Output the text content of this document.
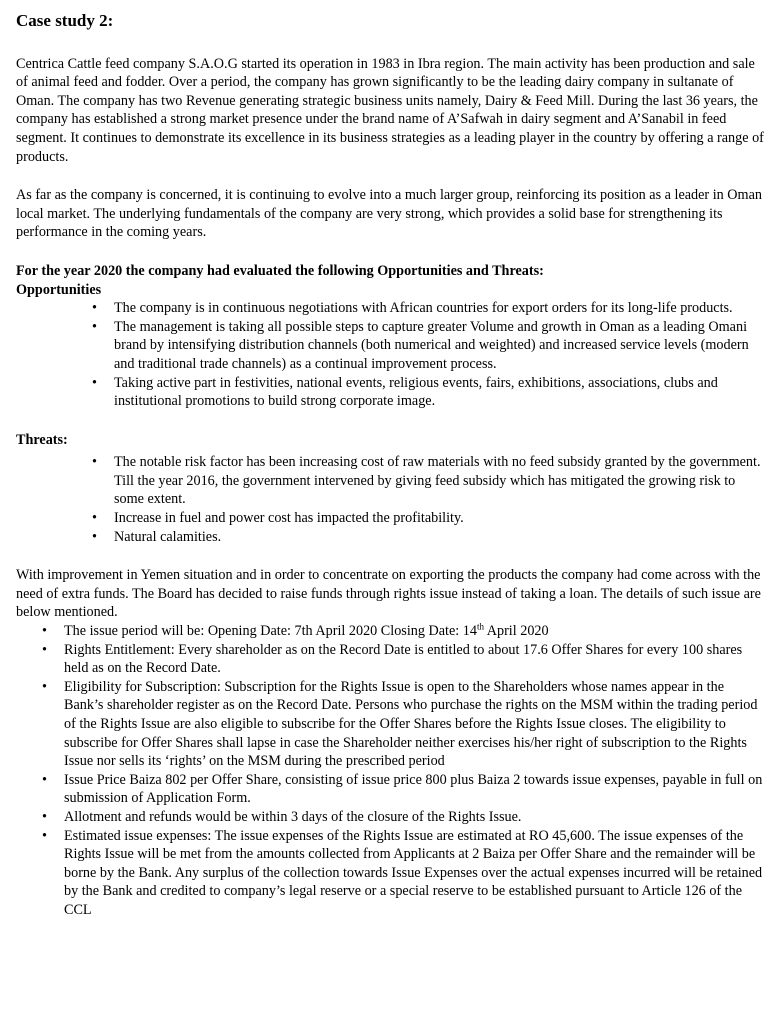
Case study 2:

Centrica Cattle feed company S.A.O.G started its operation in 1983 in Ibra region. The main activity has been production and sale of animal feed and fodder. Over a period, the company has grown significantly to be the leading dairy company in sultanate of Oman. The company has two Revenue generating strategic business units namely, Dairy & Feed Mill. During the last 36 years, the company has established a strong market presence under the brand name of A’Safwah in dairy segment and A’Sanabil in feed segment. It continues to demonstrate its excellence in its business strategies as a leading player in the country by offering a range of products.

As far as the company is concerned, it is continuing to evolve into a much larger group, reinforcing its position as a leader in Oman local market. The underlying fundamentals of the company are very strong, which provides a solid base for strengthening its performance in the coming years.

For the year 2020 the company had evaluated the following Opportunities and Threats:
Opportunities
• The company is in continuous negotiations with African countries for export orders for its long-life products.
• The management is taking all possible steps to capture greater Volume and growth in Oman as a leading Omani brand by intensifying distribution channels (both numerical and weighted) and increased service levels (modern and traditional trade channels) as a continual improvement process.
• Taking active part in festivities, national events, religious events, fairs, exhibitions, associations, clubs and institutional promotions to build strong corporate image.
Threats:
• The notable risk factor has been increasing cost of raw materials with no feed subsidy granted by the government. Till the year 2016, the government intervened by giving feed subsidy which has mitigated the growing risk to some extent.
• Increase in fuel and power cost has impacted the profitability.
• Natural calamities.

With improvement in Yemen situation and in order to concentrate on exporting the products the company had come across with the need of extra funds. The Board has decided to raise funds through rights issue instead of taking a loan. The details of such issue are below mentioned.

• The issue period will be: Opening Date: 7th April 2020 Closing Date: 14th April 2020
• Rights Entitlement: Every shareholder as on the Record Date is entitled to about 17.6 Offer Shares for every 100 shares held as on the Record Date.
• Eligibility for Subscription: Subscription for the Rights Issue is open to the Shareholders whose names appear in the Bank’s shareholder register as on the Record Date. Persons who purchase the rights on the MSM within the trading period of the Rights Issue are also eligible to subscribe for the Offer Shares before the Rights Issue closes. The eligibility to subscribe for Offer Shares shall lapse in case the Shareholder neither exercises his/her right of subscription to the Rights Issue nor sells its ‘rights’ on the MSM during the prescribed period
• Issue Price Baiza 802 per Offer Share, consisting of issue price 800 plus Baiza 2 towards issue expenses, payable in full on submission of Application Form.
• Allotment and refunds would be within 3 days of the closure of the Rights Issue.
• Estimated issue expenses: The issue expenses of the Rights Issue are estimated at RO 45,600. The issue expenses of the Rights Issue will be met from the amounts collected from Applicants at 2 Baiza per Offer Share and the remainder will be borne by the Bank. Any surplus of the collection towards Issue Expenses over the actual expenses incurred will be retained by the Bank and credited to company’s legal reserve or a special reserve to be established pursuant to Article 126 of the CCL
